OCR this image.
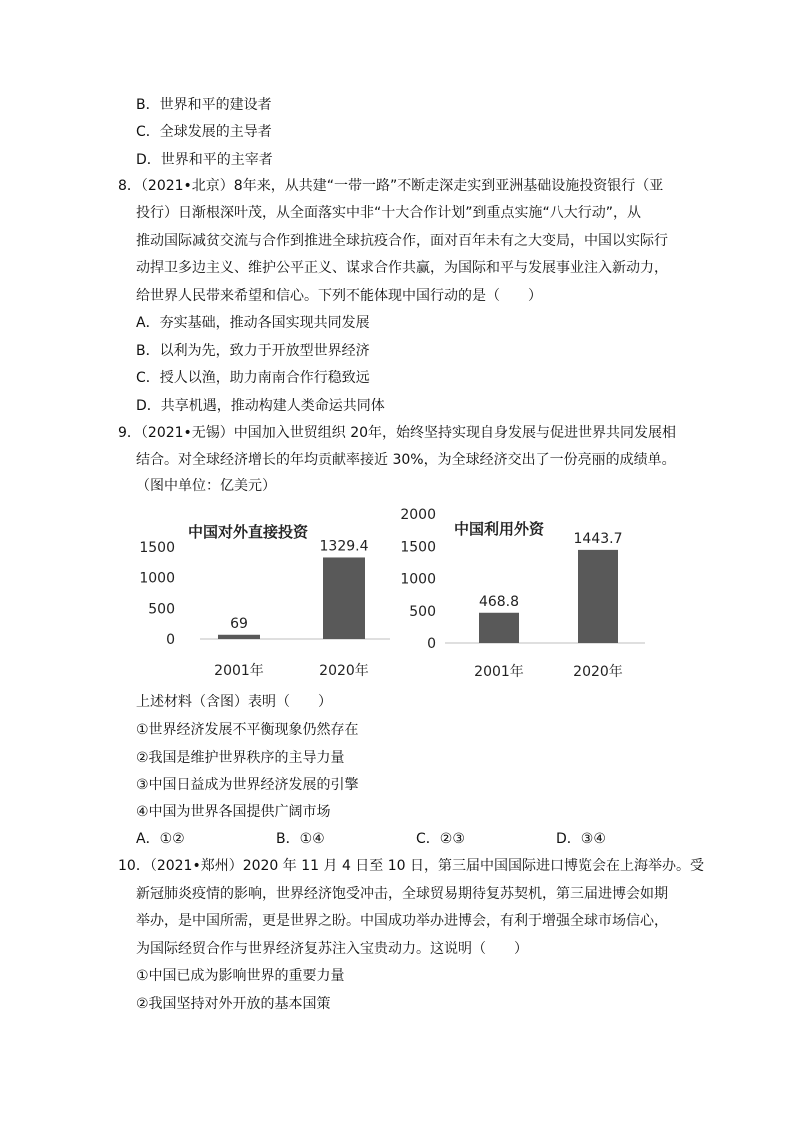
B．世界和平的建设者
C．全球发展的主导者
D．世界和平的主宰者
8．（2021•北京）8年来，从共建“一带一路”不断走深走实到亚洲基础设施投资银行（亚
投行）日渐根深叶茂，从全面落实中非“十大合作计划”到重点实施“八大行动”，从
推动国际减贫交流与合作到推进全球抗疫合作，面对百年未有之大变局，中国以实际行
动捍卫多边主义、维护公平正义、谋求合作共赢，为国际和平与发展事业注入新动力，
给世界人民带来希望和信心。下列不能体现中国行动的是（　　）
A．夯实基础，推动各国实现共同发展
B．以利为先，致力于开放型世界经济
C．授人以渔，助力南南合作行稳致远
D．共享机遇，推动构建人类命运共同体
9．（2021•无锡）中国加入世贸组织 20年，始终坚持实现自身发展与促进世界共同发展相
结合。对全球经济增长的年均贡献率接近 30%，为全球经济交出了一份亮丽的成绩单。
（图中单位：亿美元）
上述材料（含图）表明（　　）
①世界经济发展不平衡现象仍然存在
②我国是维护世界秩序的主导力量
③中国日益成为世界经济发展的引擎
④中国为世界各国提供广阔市场
10．（2021•郑州）2020 年 11 月 4 日至 10 日，第三届中国国际进口博览会在上海举办。受
新冠肺炎疫情的影响，世界经济饱受冲击，全球贸易期待复苏契机，第三届进博会如期
举办，是中国所需，更是世界之盼。中国成功举办进博会，有利于增强全球市场信心，
为国际经贸合作与世界经济复苏注入宝贵动力。这说明（　　）
①中国已成为影响世界的重要力量
②我国坚持对外开放的基本国策
A．①②	B．①④	C．②③	D．③④
0
500
1000
1500
中国对外直接投资
69
2001年
1329.4
2020年
0
500
1000
1500
2000
中国利用外资
468.8
2001年
1443.7
2020年
